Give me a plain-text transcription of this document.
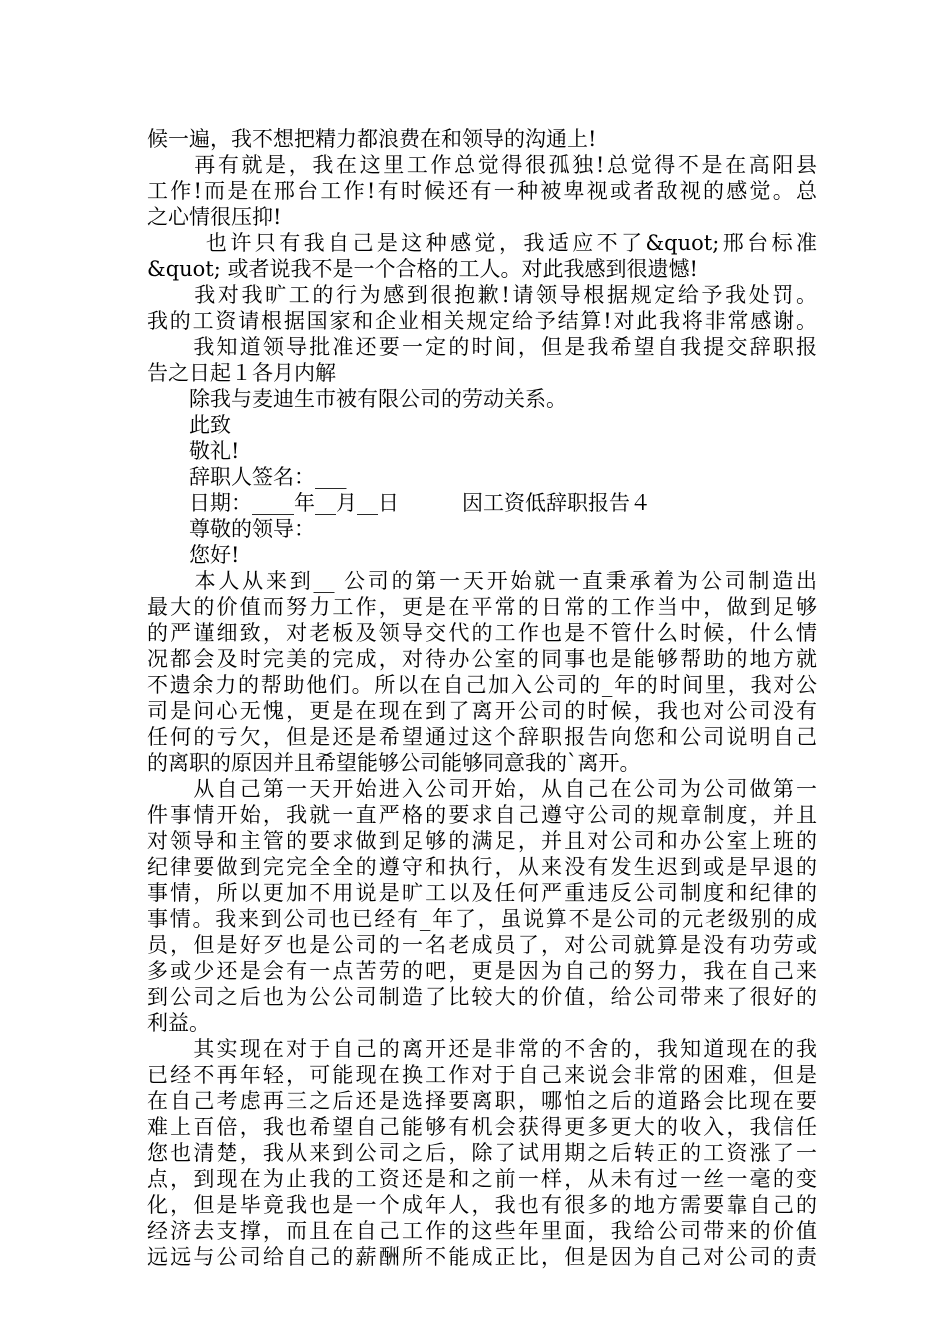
候一遍，我不想把精力都浪费在和领导的沟通上!
　　再有就是，我在这里工作总觉得很孤独!总觉得不是在高阳县
工作!而是在邢台工作!有时候还有一种被卑视或者敌视的感觉。总
之心情很压抑!
　　 也许只有我自己是这种感觉，我适应不了&quot;邢台标准
&quot; 或者说我不是一个合格的工人。对此我感到很遗憾!
　　我对我旷工的行为感到很抱歉!请领导根据规定给予我处罚。
我的工资请根据国家和企业相关规定给予结算!对此我将非常感谢。
　　我知道领导批准还要一定的时间，但是我希望自我提交辞职报
告之日起１各月内解
　　除我与麦迪生巿被有限公司的劳动关系。
　　此致
　　敬礼!
　　辞职人签名：___
　　日期：____年__月__日　　　因工资低辞职报告４
　　尊敬的领导：
　　您好!
　　本人从来到__ 公司的第一天开始就一直秉承着为公司制造出
最大的价值而努力工作，更是在平常的日常的工作当中，做到足够
的严谨细致，对老板及领导交代的工作也是不管什么时候，什么情
况都会及时完美的完成，对待办公室的同事也是能够帮助的地方就
不遗余力的帮助他们。所以在自己加入公司的_年的时间里，我对公
司是问心无愧，更是在现在到了离开公司的时候，我也对公司没有
任何的亏欠，但是还是希望通过这个辞职报告向您和公司说明自己
的离职的原因并且希望能够公司能够同意我的`离开。
　　从自己第一天开始进入公司开始，从自己在公司为公司做第一
件事情开始，我就一直严格的要求自己遵守公司的规章制度，并且
对领导和主管的要求做到足够的满足，并且对公司和办公室上班的
纪律要做到完完全全的遵守和执行，从来没有发生迟到或是早退的
事情，所以更加不用说是旷工以及任何严重违反公司制度和纪律的
事情。我来到公司也已经有_年了，虽说算不是公司的元老级别的成
员，但是好歹也是公司的一名老成员了，对公司就算是没有功劳或
多或少还是会有一点苦劳的吧，更是因为自己的努力，我在自己来
到公司之后也为公公司制造了比较大的价值，给公司带来了很好的
利益。
　　其实现在对于自己的离开还是非常的不舍的，我知道现在的我
已经不再年轻，可能现在换工作对于自己来说会非常的困难，但是
在自己考虑再三之后还是选择要离职，哪怕之后的道路会比现在要
难上百倍，我也希望自己能够有机会获得更多更大的收入，我信任
您也清楚，我从来到公司之后，除了试用期之后转正的工资涨了一
点，到现在为止我的工资还是和之前一样，从未有过一丝一毫的变
化，但是毕竟我也是一个成年人，我也有很多的地方需要靠自己的
经济去支撑，而且在自己工作的这些年里面，我给公司带来的价值
远远与公司给自己的薪酬所不能成正比，但是因为自己对公司的责
